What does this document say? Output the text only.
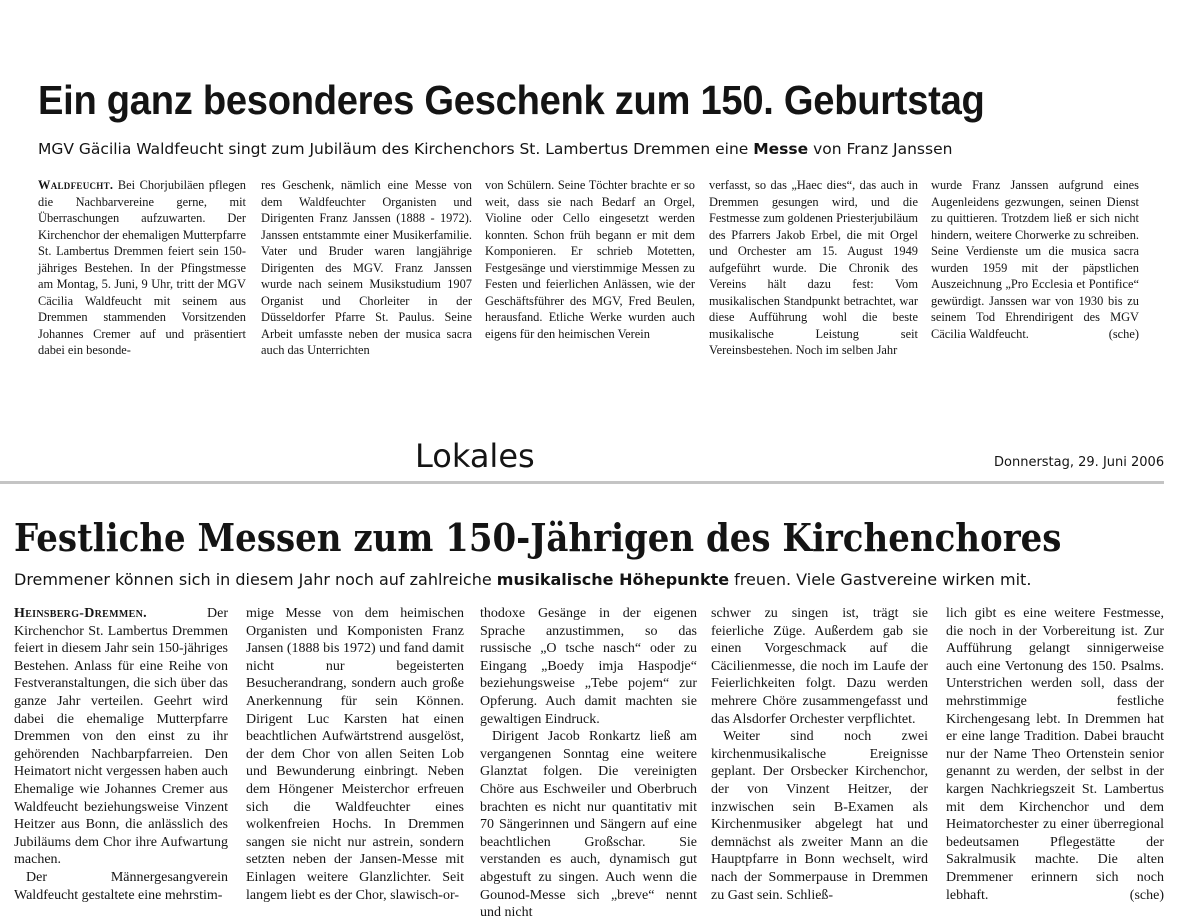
Ein ganz besonderes Geschenk zum 150. Geburtstag
MGV Gäcilia Waldfeucht singt zum Jubiläum des Kirchenchors St. Lambertus Dremmen eine Messe von Franz Janssen
Waldfeucht. Bei Chorjubiläen pflegen die Nachbarvereine gerne, mit Überraschungen aufzuwarten. Der Kirchenchor der ehemaligen Mutterpfarre St. Lambertus Dremmen feiert sein 150-jähriges Bestehen. In der Pfingstmesse am Montag, 5. Juni, 9 Uhr, tritt der MGV Cäcilia Waldfeucht mit seinem aus Dremmen stammenden Vorsitzenden Johannes Cremer auf und präsentiert dabei ein besonde-
res Geschenk, nämlich eine Messe von dem Waldfeuchter Organisten und Dirigenten Franz Janssen (1888 - 1972). Janssen entstammte einer Musikerfamilie. Vater und Bruder waren langjährige Dirigenten des MGV. Franz Janssen wurde nach seinem Musikstudium 1907 Organist und Chorleiter in der Düsseldorfer Pfarre St. Paulus. Seine Arbeit umfasste neben der musica sacra auch das Unterrichten
von Schülern. Seine Töchter brachte er so weit, dass sie nach Bedarf an Orgel, Violine oder Cello eingesetzt werden konnten. Schon früh begann er mit dem Komponieren. Er schrieb Motetten, Festgesänge und vierstimmige Messen zu Festen und feierlichen Anlässen, wie der Geschäftsführer des MGV, Fred Beulen, herausfand. Etliche Werke wurden auch eigens für den heimischen Verein
verfasst, so das „Haec dies“, das auch in Dremmen gesungen wird, und die Festmesse zum goldenen Priesterjubiläum des Pfarrers Jakob Erbel, die mit Orgel und Orchester am 15. August 1949 aufgeführt wurde. Die Chronik des Vereins hält dazu fest: Vom musikalischen Standpunkt betrachtet, war diese Aufführung wohl die beste musikalische Leistung seit Vereinsbestehen. Noch im selben Jahr
wurde Franz Janssen aufgrund eines Augenleidens gezwungen, seinen Dienst zu quittieren. Trotzdem ließ er sich nicht hindern, weitere Chorwerke zu schreiben. Seine Verdienste um die musica sacra wurden 1959 mit der päpstlichen Auszeichnung „Pro Ecclesia et Pontifice“ gewürdigt. Janssen war von 1930 bis zu seinem Tod Ehrendirigent des MGV Cäcilia Waldfeucht.	(sche)
Lokales	Donnerstag, 29. Juni 2006
Festliche Messen zum 150-Jährigen des Kirchenchores
Dremmener können sich in diesem Jahr noch auf zahlreiche musikalische Höhepunkte freuen. Viele Gastvereine wirken mit.

Heinsberg-Dremmen.	Der Kirchenchor St. Lambertus Dremmen feiert in diesem Jahr sein 150-jähriges Bestehen. Anlass für eine Reihe von Festveranstaltungen, die sich über das ganze Jahr verteilen. Geehrt wird dabei die ehemalige Mutterpfarre Dremmen von den einst zu ihr gehörenden Nachbarpfarreien. Den Heimatort nicht vergessen haben auch Ehemalige wie Johannes Cremer aus Waldfeucht beziehungsweise Vinzent Heitzer aus Bonn, die anlässlich des Jubiläums dem Chor ihre Aufwartung machen.

Der Männergesangverein Waldfeucht gestaltete eine mehrstim-

mige Messe von dem heimischen Organisten und Komponisten Franz Jansen (1888 bis 1972) und fand damit nicht nur begeisterten Besucherandrang, sondern auch große Anerkennung für sein Können. Dirigent Luc Karsten hat einen beachtlichen Aufwärtstrend ausgelöst, der dem Chor von allen Seiten Lob und Bewunderung einbringt. Neben dem Höngener Meisterchor erfreuen sich die Waldfeuchter eines wolkenfreien Hochs. In Dremmen sangen sie nicht nur astrein, sondern setzten neben der Jansen-Messe mit Einlagen weitere Glanzlichter. Seit langem liebt es der Chor, slawisch-or-

thodoxe Gesänge in der eigenen Sprache anzustimmen, so das russische „O tsche nasch“ oder zu Eingang „Boedy imja Haspodje“ beziehungsweise „Tebe pojem“ zur Opferung. Auch damit machten sie gewaltigen Eindruck.

Dirigent Jacob Ronkartz ließ am vergangenen Sonntag eine weitere Glanztat folgen. Die vereinigten Chöre aus Eschweiler und Oberbruch brachten es nicht nur quantitativ mit 70 Sängerinnen und Sängern auf eine beachtlichen Großschar. Sie verstanden es auch, dynamisch gut abgestuft zu singen. Auch wenn die Gounod-Messe sich „breve“ nennt und nicht

schwer zu singen ist, trägt sie feierliche Züge. Außerdem gab sie einen Vorgeschmack auf die Cäcilienmesse, die noch im Laufe der Feierlichkeiten folgt. Dazu werden mehrere Chöre zusammengefasst und das Alsdorfer Orchester verpflichtet.

Weiter sind noch zwei kirchenmusikalische Ereignisse geplant. Der Orsbecker Kirchenchor, der von Vinzent Heitzer, der inzwischen sein B-Examen als Kirchenmusiker abgelegt hat und demnächst als zweiter Mann an die Hauptpfarre in Bonn wechselt, wird nach der Sommerpause in Dremmen zu Gast sein. Schließ-

lich gibt es eine weitere Festmesse, die noch in der Vorbereitung ist. Zur Aufführung gelangt sinnigerweise auch eine Vertonung des 150. Psalms. Unterstrichen werden soll, dass der mehrstimmige festliche Kirchengesang lebt. In Dremmen hat er eine lange Tradition. Dabei braucht nur der Name Theo Ortenstein senior genannt zu werden, der selbst in der kargen Nachkriegszeit St. Lambertus mit dem Kirchenchor und dem Heimatorchester zu einer überregional bedeutsamen Pflegestätte der Sakralmusik machte. Die alten Dremmener erinnern sich noch lebhaft.	(sche)
